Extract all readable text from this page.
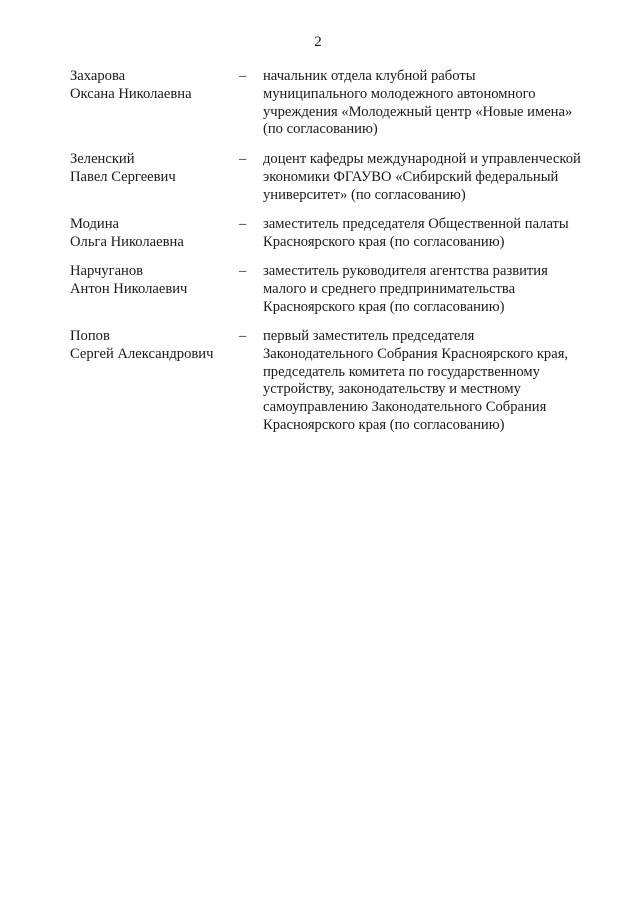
2
Захарова
Оксана Николаевна
– начальник отдела клубной работы
муниципального молодежного автономного
учреждения «Молодежный центр «Новые имена»
(по согласованию)
Зеленский
Павел Сергеевич
– доцент кафедры международной и управленческой
экономики ФГАУВО «Сибирский федеральный
университет» (по согласованию)
Модина
Ольга Николаевна
– заместитель председателя Общественной палаты
Красноярского края (по согласованию)
Нарчуганов
Антон Николаевич
– заместитель руководителя агентства развития
малого и среднего предпринимательства
Красноярского края (по согласованию)
Попов
Сергей Александрович
– первый заместитель председателя
Законодательного Собрания Красноярского края,
председатель комитета по государственному
устройству, законодательству и местному
самоуправлению Законодательного Собрания
Красноярского края (по согласованию)
